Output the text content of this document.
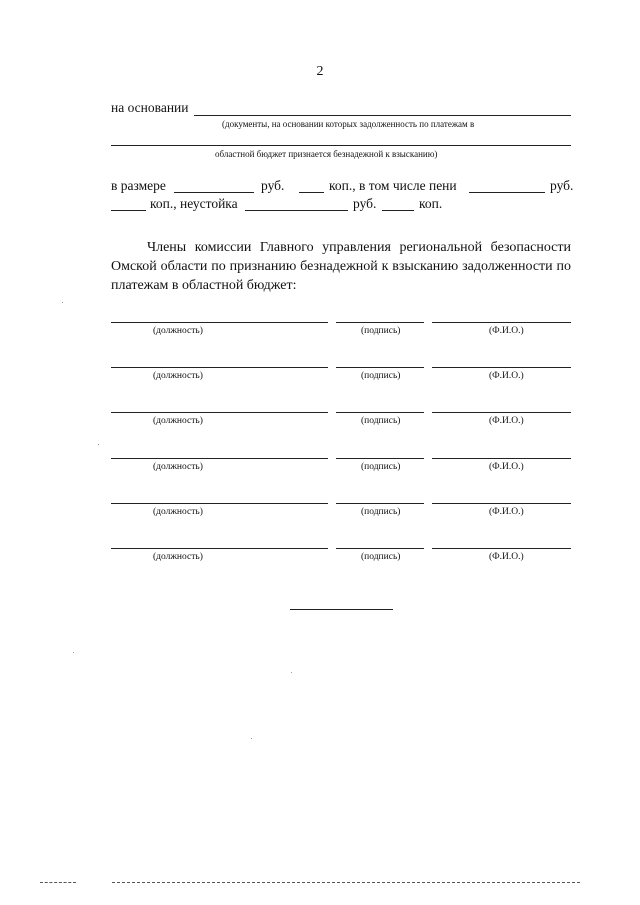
2
на основании
(документы, на основании которых задолженность по платежам в
областной бюджет признается безнадежной к взысканию)
в размере	руб.	коп., в том числе пени	руб.
коп., неустойка	руб.	коп.
Члены комиссии Главного управления региональной безопасности Омской области по признанию безнадежной к взысканию задолженности по платежам в областной бюджет:
(должность)	(подпись)	(Ф.И.О.)
(должность)	(подпись)	(Ф.И.О.)
(должность)	(подпись)	(Ф.И.О.)
(должность)	(подпись)	(Ф.И.О.)
(должность)	(подпись)	(Ф.И.О.)
(должность)	(подпись)	(Ф.И.О.)
